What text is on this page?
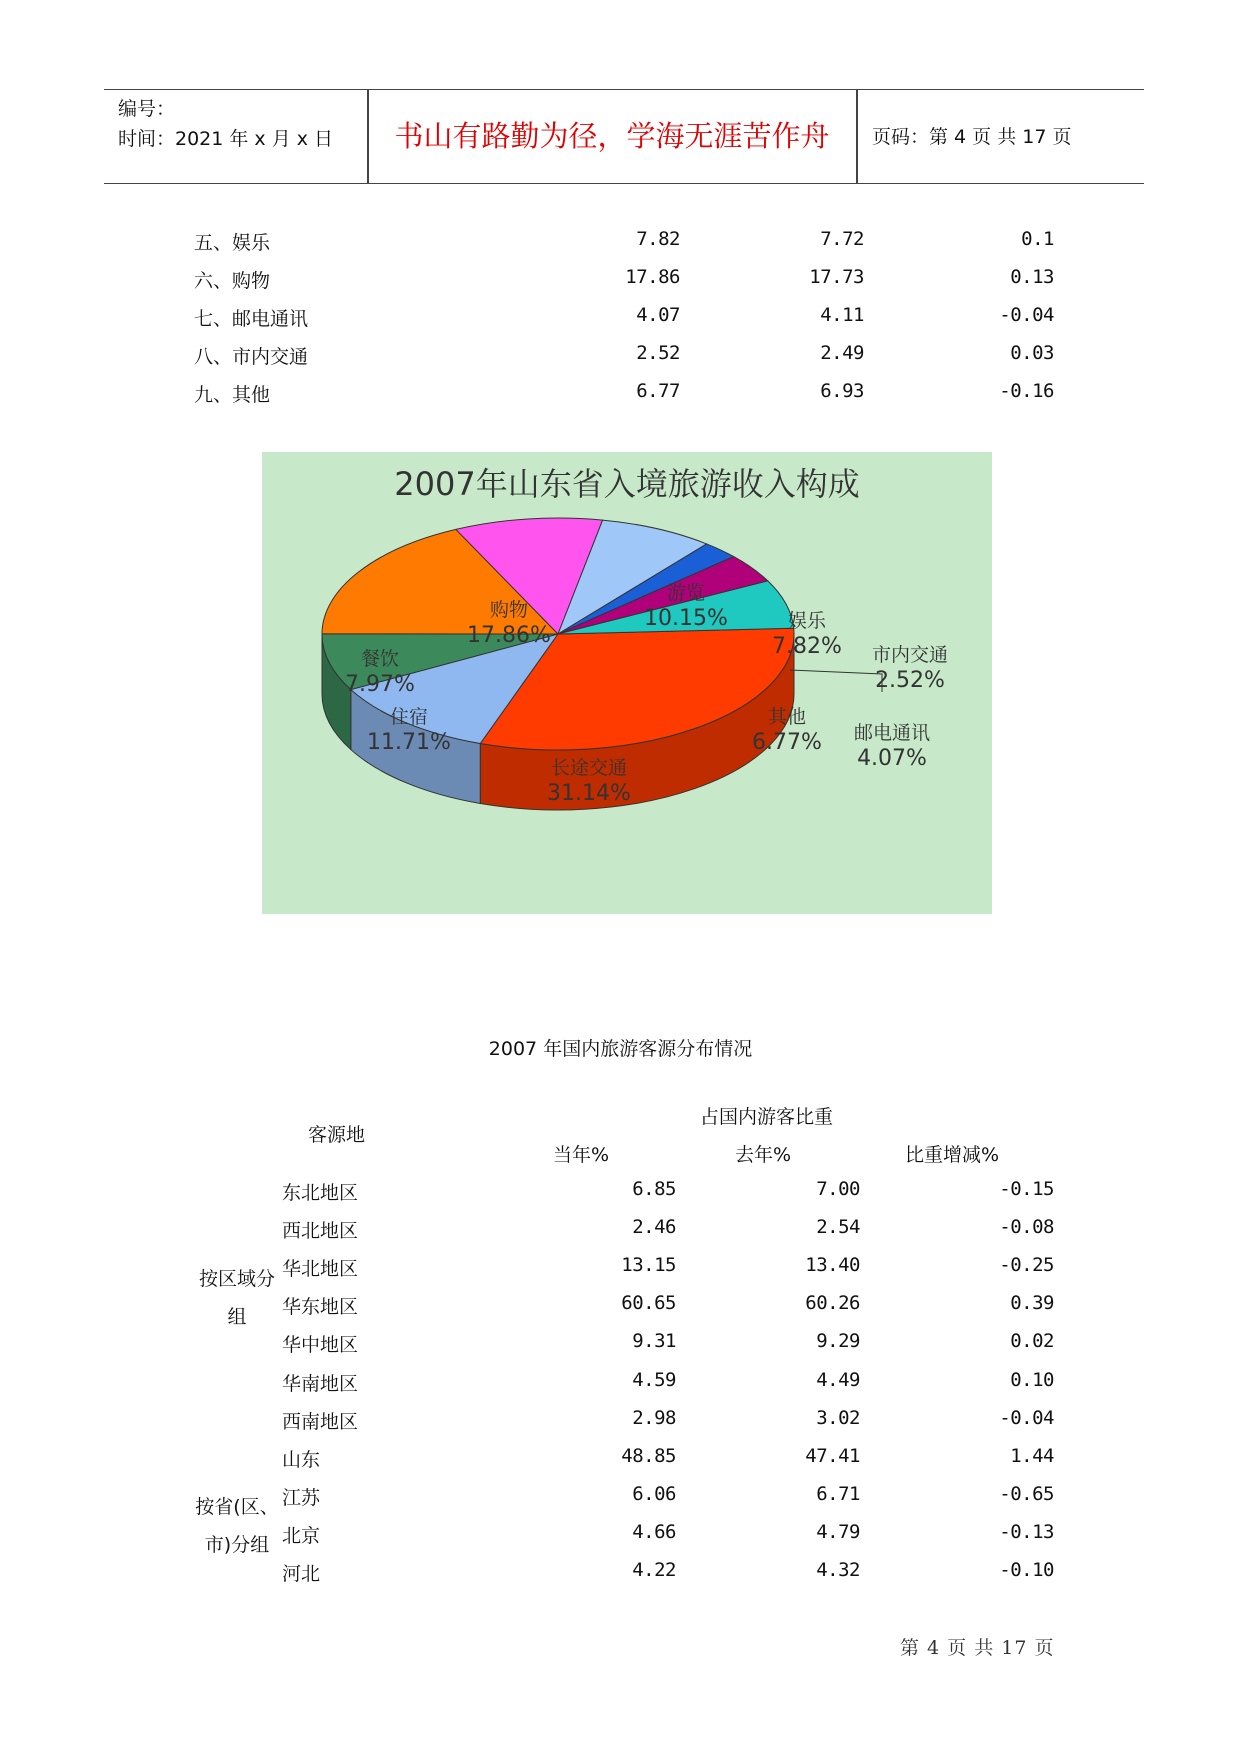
编号：
时间：2021 年 x 月 x 日	书山有路勤为径，学海无涯苦作舟	页码：第 4 页 共 17 页
五、娱乐	7.82	7.72	0.1
六、购物	17.86	17.73	0.13
七、邮电通讯	4.07	4.11	-0.04
八、市内交通	2.52	2.49	0.03
九、其他	6.77	6.93	-0.16
2007年山东省入境旅游收入构成
购物
17.86%
游览
10.15%	娱乐
7.82% 市内交通
2.52%
邮电通讯
4.07%
其他
6.77%
餐饮
7.97%
住宿
11.71%
长途交通
31.14%
2007 年国内旅游客源分布情况
客源地
占国内游客比重
当年%	去年%	比重增减%
按区域分组
按省(区、市)分组
东北地区	6.85	7.00	-0.15
西北地区	2.46	2.54	-0.08
华北地区	13.15	13.40	-0.25
华东地区	60.65	60.26	0.39
华中地区	9.31	9.29	0.02
华南地区	4.59	4.49	0.10
西南地区	2.98	3.02	-0.04
山东	48.85	47.41	1.44
江苏	6.06	6.71	-0.65
北京	4.66	4.79	-0.13
河北	4.22	4.32	-0.10
第 4 页 共 17 页
